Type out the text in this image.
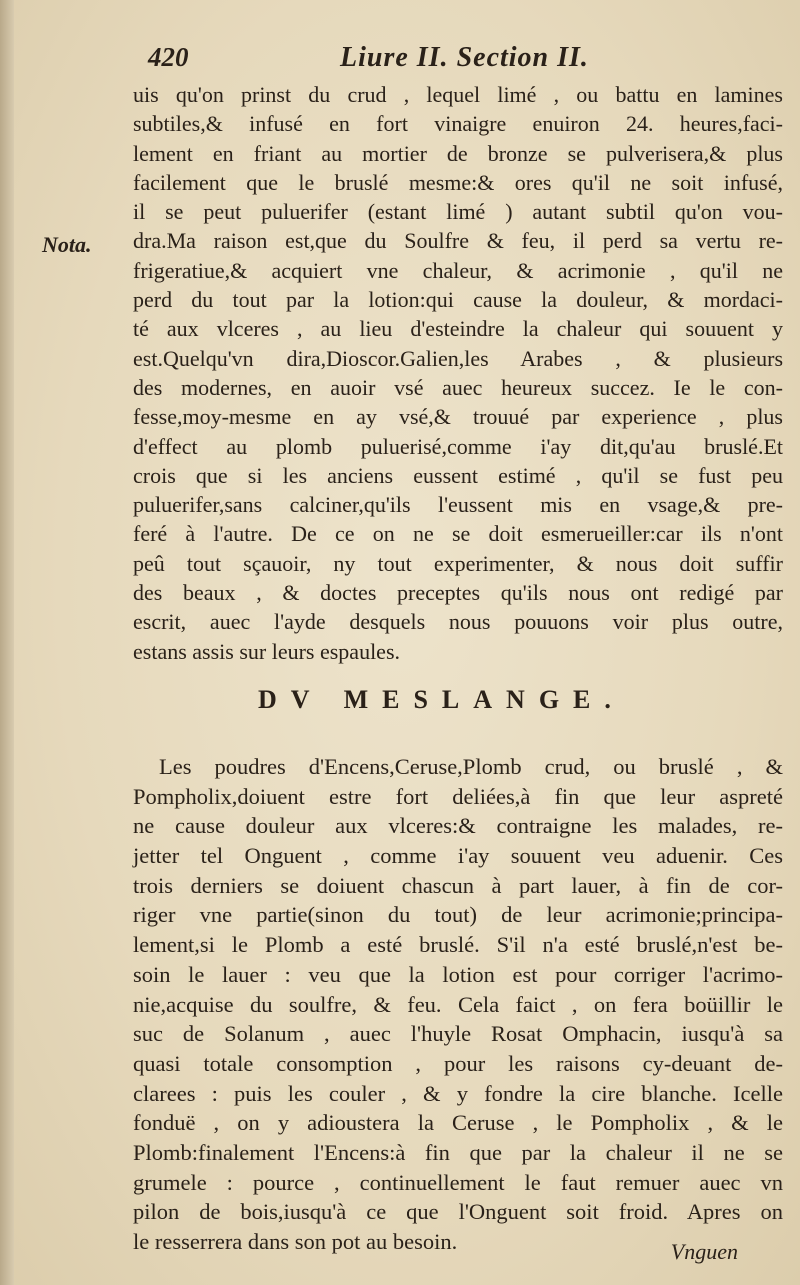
420	Liure II. Section II.
Nota.
uis qu'on prinst du crud , lequel limé , ou battu en lamines
subtiles,& infusé en fort vinaigre enuiron 24. heures,faci-
lement en friant au mortier de bronze se pulverisera,& plus
facilement que le bruslé mesme:& ores qu'il ne soit infusé,
il se peut puluerifer (estant limé ) autant subtil qu'on vou-
dra.Ma raison est,que du Soulfre & feu, il perd sa vertu re-
frigeratiue,& acquiert vne chaleur, & acrimonie , qu'il ne
perd du tout par la lotion:qui cause la douleur, & mordaci-
té aux vlceres , au lieu d'esteindre la chaleur qui souuent y
est.Quelqu'vn dira,Dioscor.Galien,les Arabes , & plusieurs
des modernes, en auoir vsé auec heureux succez. Ie le con-
fesse,moy-mesme en ay vsé,& trouué par experience , plus
d'effect au plomb puluerisé,comme i'ay dit,qu'au bruslé.Et
crois que si les anciens eussent estimé , qu'il se fust peu
puluerifer,sans calciner,qu'ils l'eussent mis en vsage,& pre-
feré à l'autre. De ce on ne se doit esmerueiller:car ils n'ont
peû tout sçauoir, ny tout experimenter, & nous doit suffir
des beaux , & doctes preceptes qu'ils nous ont redigé par
escrit, auec l'ayde desquels nous pouuons voir plus outre,
estans assis sur leurs espaules.
DV MESLANGE.
Les poudres d'Encens,Ceruse,Plomb crud, ou bruslé , &
Pompholix,doiuent estre fort deliées,à fin que leur aspreté
ne cause douleur aux vlceres:& contraigne les malades, re-
jetter tel Onguent , comme i'ay souuent veu aduenir. Ces
trois derniers se doiuent chascun à part lauer, à fin de cor-
riger vne partie(sinon du tout) de leur acrimonie;principa-
lement,si le Plomb a esté bruslé. S'il n'a esté bruslé,n'est be-
soin le lauer : veu que la lotion est pour corriger l'acrimo-
nie,acquise du soulfre, & feu. Cela faict , on fera boüillir le
suc de Solanum , auec l'huyle Rosat Omphacin, iusqu'à sa
quasi totale consomption , pour les raisons cy-deuant de-
clarees : puis les couler , & y fondre la cire blanche. Icelle
fonduë , on y adioustera la Ceruse , le Pompholix , & le
Plomb:finalement l'Encens:à fin que par la chaleur il ne se
grumele : pource , continuellement le faut remuer auec vn
pilon de bois,iusqu'à ce que l'Onguent soit froid. Apres on
le resserrera dans son pot au besoin.	Vnguen
